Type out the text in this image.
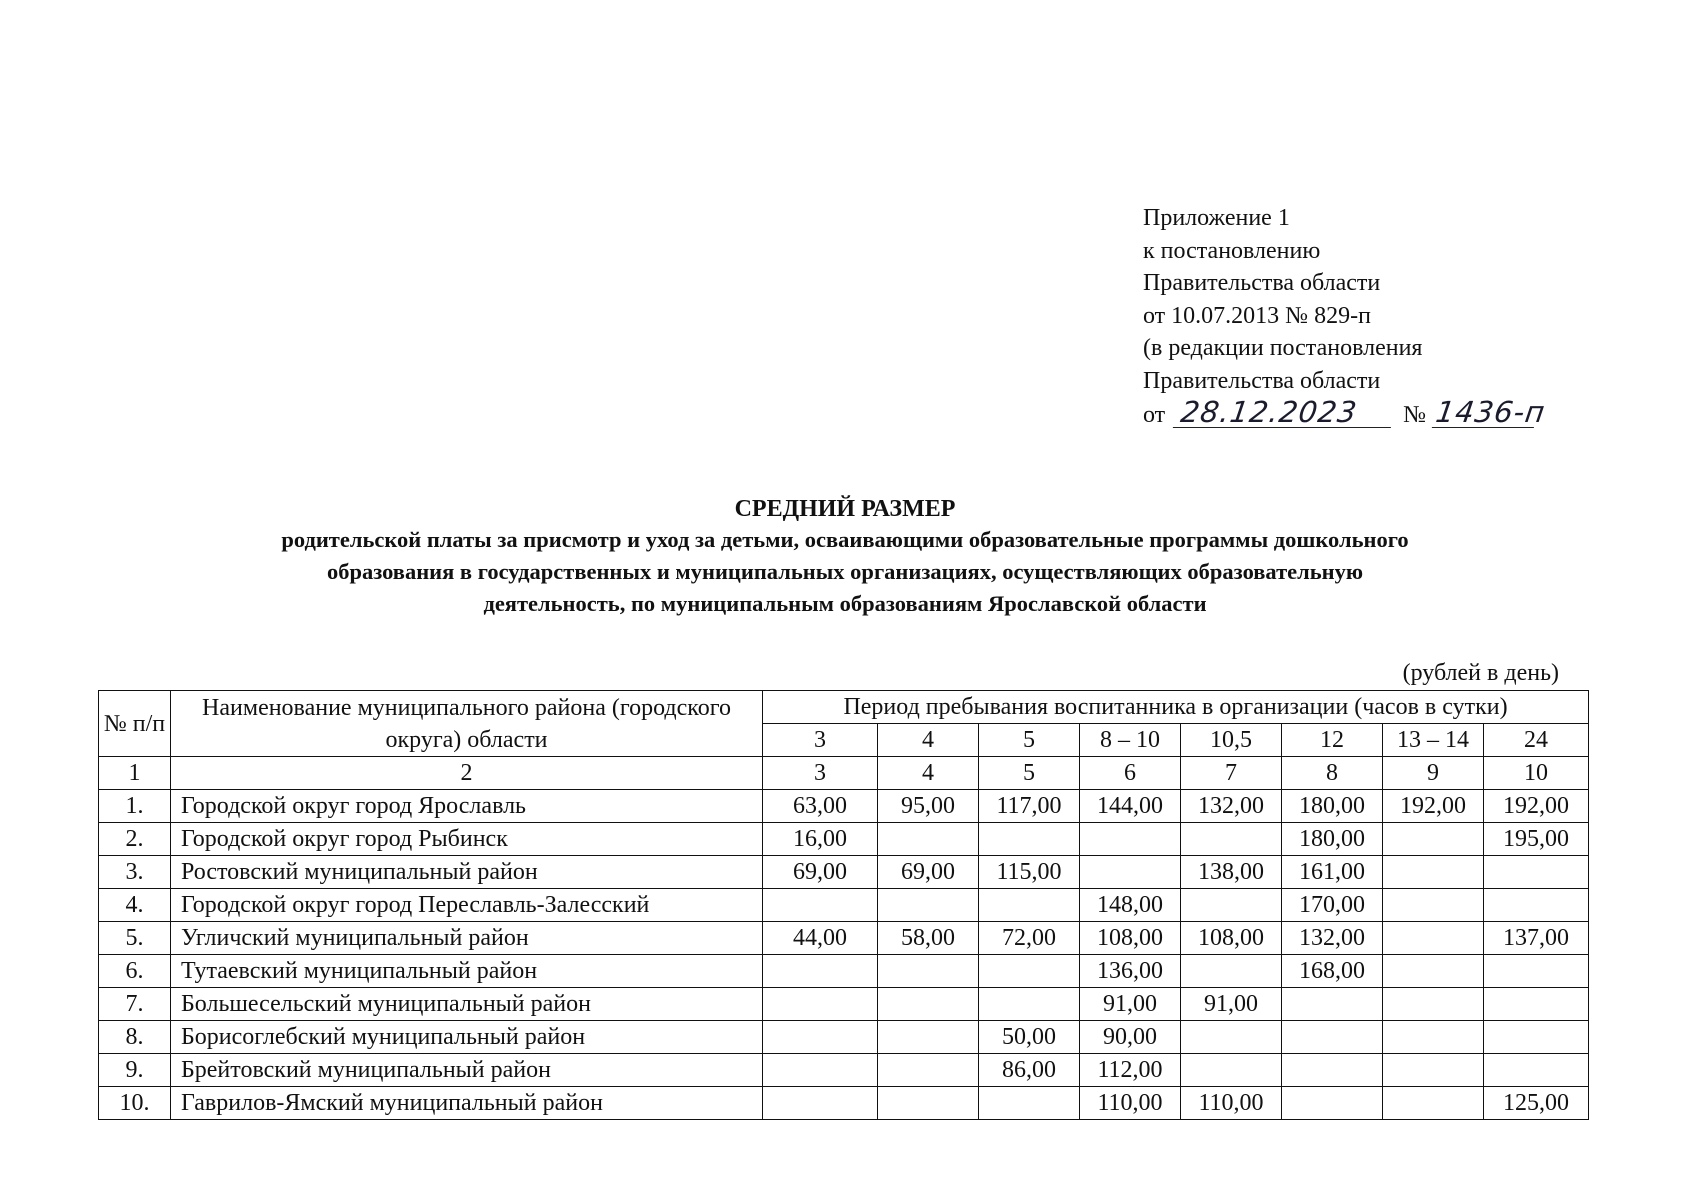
Приложение 1
к постановлению
Правительства области
от 10.07.2013 № 829-п
(в редакции постановления
Правительства области
от 28.12.2023 № 1436-п
СРЕДНИЙ РАЗМЕР
родительской платы за присмотр и уход за детьми, осваивающими образовательные программы дошкольного
образования в государственных и муниципальных организациях, осуществляющих образовательную
деятельность, по муниципальным образованиям Ярославской области
(рублей в день)
№ п/п	Наименование муниципального района (городского округа) области	Период пребывания воспитанника в организации (часов в сутки)							
		3	4	5	8 – 10	10,5	12	13 – 14	24
1	2	3	4	5	6	7	8	9	10
1.	Городской округ город Ярославль	63,00	95,00	117,00	144,00	132,00	180,00	192,00	192,00
2.	Городской округ город Рыбинск	16,00					180,00		195,00
3.	Ростовский муниципальный район	69,00	69,00	115,00		138,00	161,00		
4.	Городской округ город Переславль-Залесский				148,00		170,00		
5.	Угличский муниципальный район	44,00	58,00	72,00	108,00	108,00	132,00		137,00
6.	Тутаевский муниципальный район				136,00		168,00		
7.	Большесельский муниципальный район				91,00	91,00			
8.	Борисоглебский муниципальный район			50,00	90,00				
9.	Брейтовский муниципальный район			86,00	112,00				
10.	Гаврилов-Ямский муниципальный район				110,00	110,00			125,00
